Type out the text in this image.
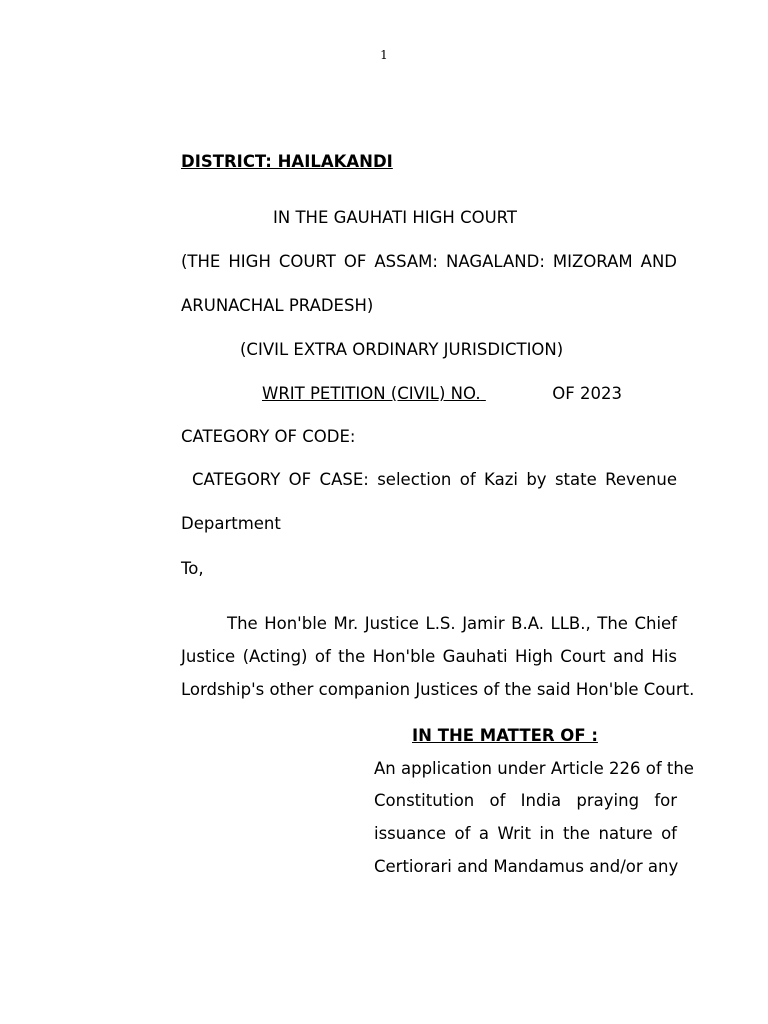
1
DISTRICT: HAILAKANDI
IN THE GAUHATI HIGH COURT
(THE HIGH COURT OF ASSAM: NAGALAND: MIZORAM AND
ARUNACHAL PRADESH)
(CIVIL EXTRA ORDINARY JURISDICTION)
WRIT PETITION (CIVIL) NO.	OF 2023

CATEGORY OF CODE:
CATEGORY OF CASE: selection of Kazi by state Revenue
Department
To,
The Hon'ble Mr. Justice L.S. Jamir B.A. LLB., The Chief
Justice (Acting) of the Hon'ble Gauhati High Court and His
Lordship's other companion Justices of the said Hon'ble Court.
IN THE MATTER OF :
An application under Article 226 of the
Constitution of India praying for
issuance of a Writ in the nature of
Certiorari and Mandamus and/or any
